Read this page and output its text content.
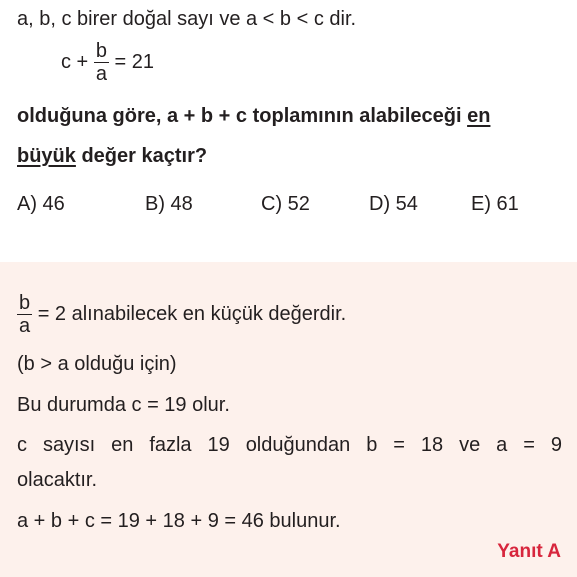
a, b, c birer doğal sayı ve a < b < c dir.
$c + \frac{b}{a} = 21$
olduğuna göre, a + b + c toplamının alabileceği en
büyük değer kaçtır?
A) 46	B) 48	C) 52	D) 54	E) 61
$\frac{b}{a} = 2$ alınabilecek en küçük değerdir.
(b > a olduğu için)
Bu durumda c = 19 olur.
c sayısı en fazla 19 olduğundan b = 18 ve a = 9
olacaktır.
a + b + c = 19 + 18 + 9 = 46 bulunur.
Yanıt A
